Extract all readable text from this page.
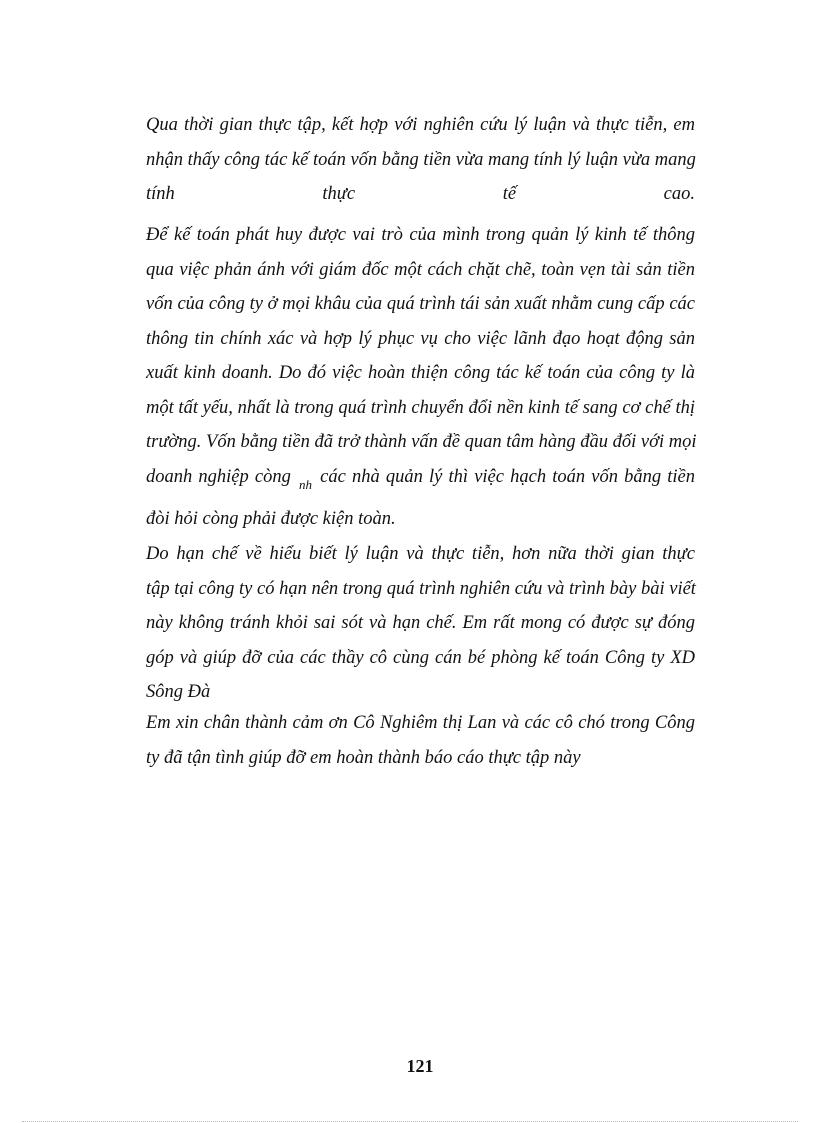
Qua thời gian thực tập, kết hợp với nghiên cứu lý luận và thực tiễn, em
nhận thấy công tác kế toán vốn bằng tiền vừa mang tính lý luận vừa mang
tính thực tế cao.
Để kế toán phát huy được vai trò của mình trong quản lý kinh tế thông
qua việc phản ánh với giám đốc một cách chặt chẽ, toàn vẹn tài sản tiền
vốn của công ty ở mọi khâu của quá trình tái sản xuất nhằm cung cấp các
thông tin chính xác và hợp lý phục vụ cho việc lãnh đạo hoạt động sản
xuất kinh doanh. Do đó việc hoàn thiện công tác kế toán của công ty là
một tất yếu, nhất là trong quá trình chuyển đổi nền kinh tế sang cơ chế thị
trường. Vốn bằng tiền đã trở thành vấn đề quan tâm hàng đầu đối với mọi
doanh nghiệp còng $_{nh}$ các nhà quản lý thì việc hạch toán vốn bằng tiền
đòi hỏi còng phải được kiện toàn.
Do hạn chế về hiểu biết lý luận và thực tiễn, hơn nữa thời gian thực
tập tại công ty có hạn nên trong quá trình nghiên cứu và trình bày bài viết
này không tránh khỏi sai sót và hạn chế. Em rất mong có được sự đóng
góp và giúp đỡ của các thầy cô cùng cán bé phòng kế toán Công ty XD
Sông Đà
Em xin chân thành cảm ơn Cô Nghiêm thị Lan và các cô chó trong Công
ty đã tận tình giúp đỡ em hoàn thành báo cáo thực tập này
121
